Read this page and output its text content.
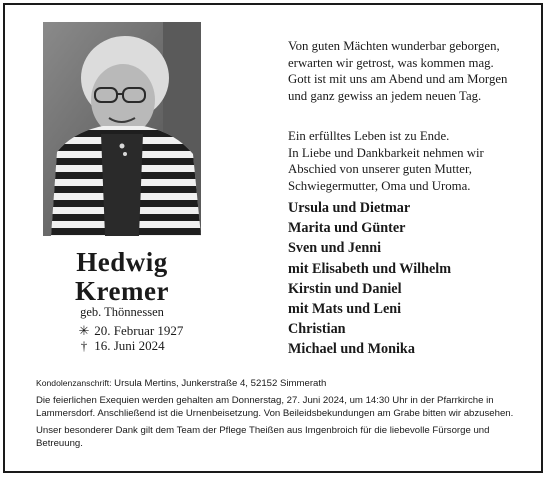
Hedwig
Kremer
geb. Thönnessen
✳ 20. Februar 1927
† 16. Juni 2024
Von guten Mächten wunderbar geborgen,
erwarten wir getrost, was kommen mag.
Gott ist mit uns am Abend und am Morgen
und ganz gewiss an jedem neuen Tag.
Ein erfülltes Leben ist zu Ende.
In Liebe und Dankbarkeit nehmen wir
Abschied von unserer guten Mutter,
Schwiegermutter, Oma und Uroma.
Ursula und Dietmar
Marita und Günter
Sven und Jenni
mit Elisabeth und Wilhelm
Kirstin und Daniel
mit Mats und Leni
Christian
Michael und Monika

Kondolenzanschrift: Ursula Mertins, Junkerstraße 4, 52152 Simmerath

Die feierlichen Exequien werden gehalten am Donnerstag, 27. Juni 2024, um 14:30 Uhr in der Pfarrkirche in Lammersdorf. Anschließend ist die Urnenbeisetzung. Von Beileidsbekundungen am Grabe bitten wir abzusehen.

Unser besonderer Dank gilt dem Team der Pflege Theißen aus Imgenbroich für die liebevolle Fürsorge und Betreuung.
